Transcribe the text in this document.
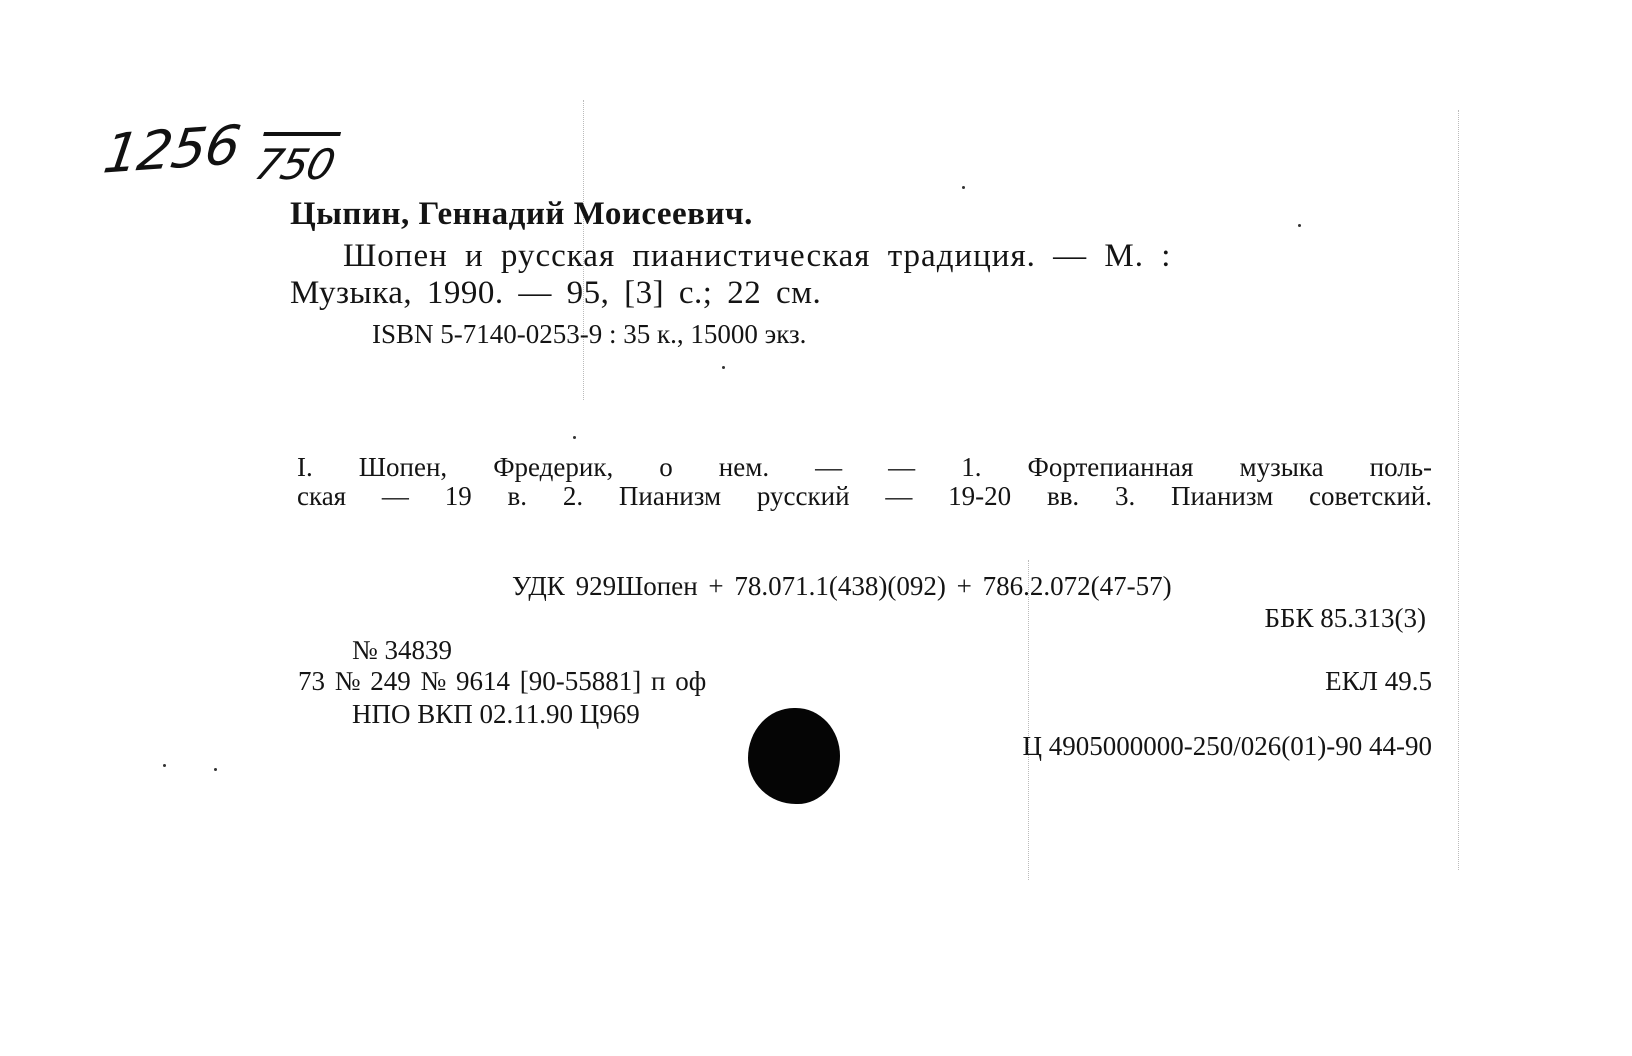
1256 750

Цыпин, Геннадий Моисеевич.

Шопен и русская пианистическая традиция. — М. :

Музыка, 1990. — 95, [3] с.; 22 см.

ISBN 5-7140-0253-9 : 35 к., 15000 экз.

I. Шопен, Фредерик, о нем. — — 1. Фортепианная музыка поль-

ская — 19 в. 2. Пианизм русский — 19-20 вв. 3. Пианизм советский.

УДК 929Шопен + 78.071.1(438)(092) + 786.2.072(47-57)

ББК 85.313(3)

№ 34839

73 № 249 № 9614 [90-55881] п оф	ЕКЛ 49.5

НПО ВКП 02.11.90 Ц969

Ц 4905000000-250/026(01)-90 44-90
